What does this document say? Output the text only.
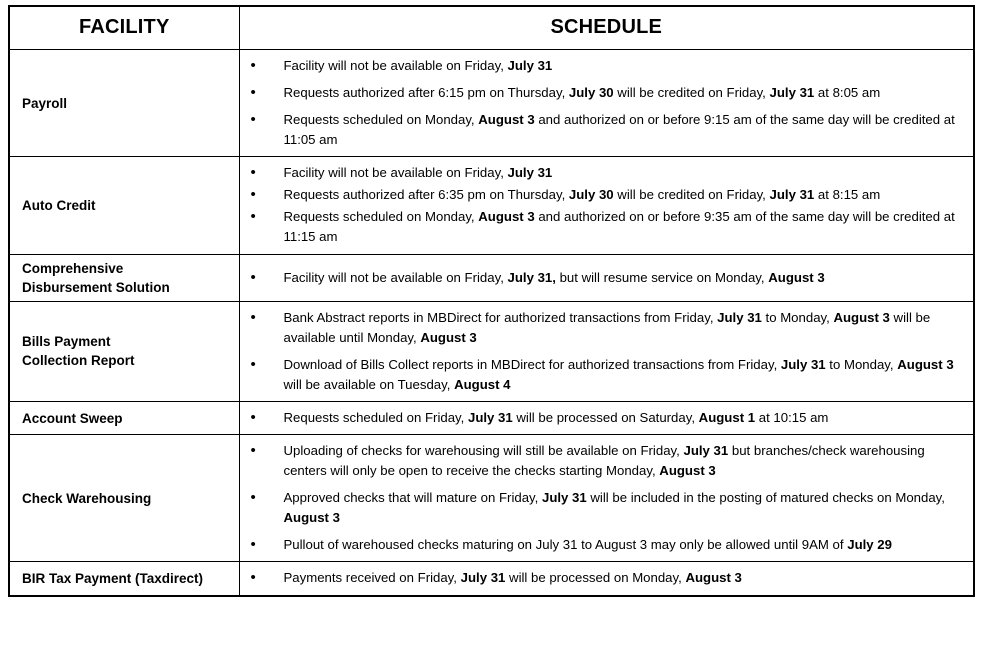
FACILITY	SCHEDULE
Payroll	
• Facility will not be available on Friday, July 31
• Requests authorized after 6:15 pm on Thursday, July 30 will be credited on Friday, July 31 at 8:05 am
• Requests scheduled on Monday, August 3 and authorized on or before 9:15 am of the same day will be credited at 11:05 am

Auto Credit	
• Facility will not be available on Friday, July 31
• Requests authorized after 6:35 pm on Thursday, July 30 will be credited on Friday, July 31 at 8:15 am
• Requests scheduled on Monday, August 3 and authorized on or before 9:35 am of the same day will be credited at 11:15 am

Comprehensive
Disbursement Solution	
• Facility will not be available on Friday, July 31, but will resume service on Monday, August 3

Bills Payment
Collection Report	
• Bank Abstract reports in MBDirect for authorized transactions from Friday, July 31 to Monday, August 3 will be available until Monday, August 3
• Download of Bills Collect reports in MBDirect for authorized transactions from Friday, July 31 to Monday, August 3 will be available on Tuesday, August 4

Account Sweep	
•Requests scheduled on Friday, July 31 will be processed on Saturday, August 1 at 10:15 am

Check Warehousing	
• Uploading of checks for warehousing will still be available on Friday, July 31 but branches/check warehousing centers will only be open to receive the checks starting Monday, August 3
• Approved checks that will mature on Friday, July 31 will be included in the posting of matured checks on Monday, August 3
• Pullout of warehoused checks maturing on July 31 to August 3 may only be allowed until 9AM of July 29

BIR Tax Payment (Taxdirect)	
•Payments received on Friday, July 31 will be processed on Monday, August 3
